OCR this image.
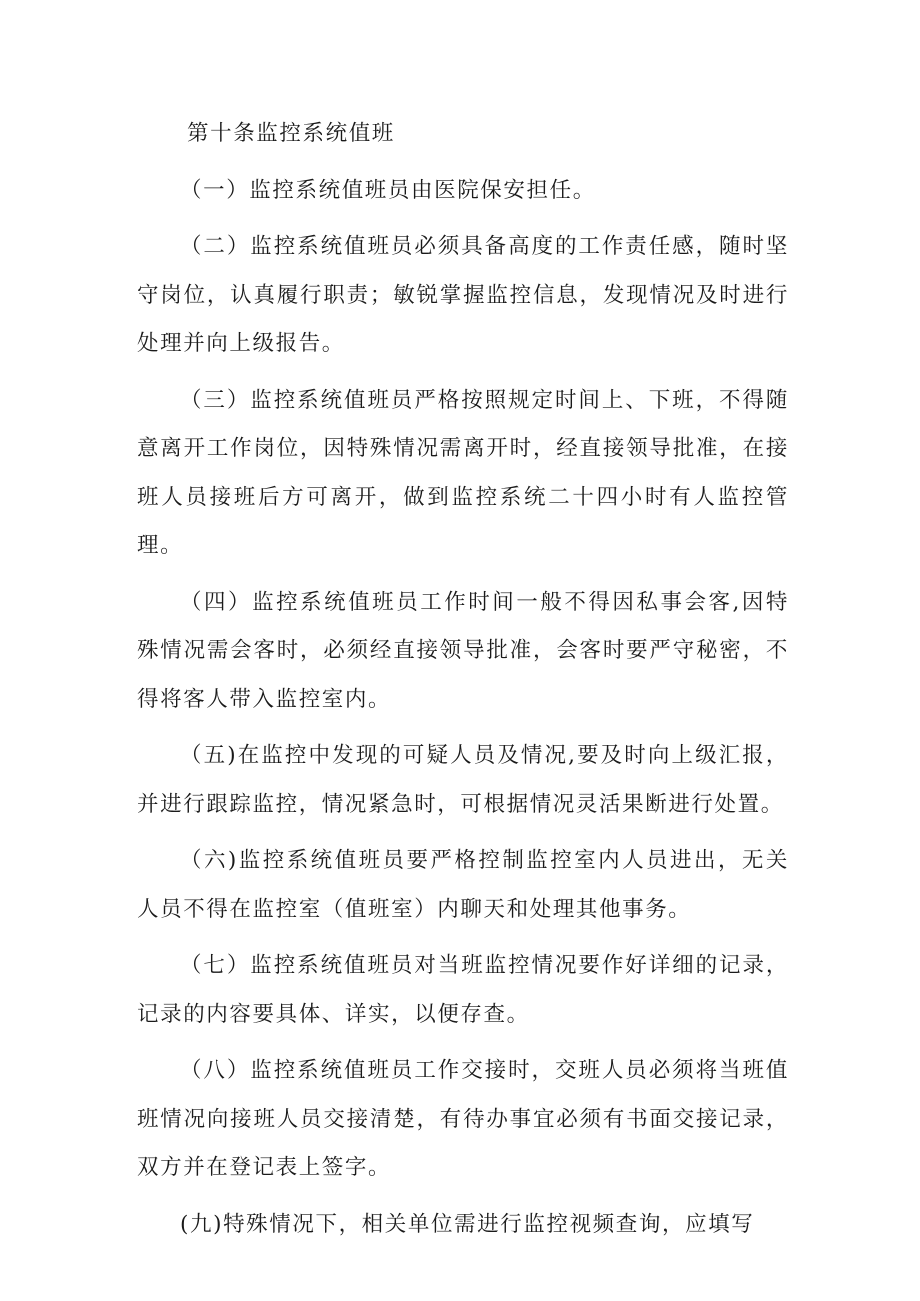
第十条监控系统值班

（一）监控系统值班员由医院保安担任。

（二）监控系统值班员必须具备高度的工作责任感，随时坚守岗位，认真履行职责；敏锐掌握监控信息，发现情况及时进行处理并向上级报告。

（三）监控系统值班员严格按照规定时间上、下班，不得随意离开工作岗位，因特殊情况需离开时，经直接领导批准，在接班人员接班后方可离开，做到监控系统二十四小时有人监控管理。

（四）监控系统值班员工作时间一般不得因私事会客,因特殊情况需会客时，必须经直接领导批准，会客时要严守秘密，不得将客人带入监控室内。

（五)在监控中发现的可疑人员及情况,要及时向上级汇报，并进行跟踪监控，情况紧急时，可根据情况灵活果断进行处置。

（六)监控系统值班员要严格控制监控室内人员进出，无关人员不得在监控室（值班室）内聊天和处理其他事务。

（七）监控系统值班员对当班监控情况要作好详细的记录，记录的内容要具体、详实，以便存查。

（八）监控系统值班员工作交接时，交班人员必须将当班值班情况向接班人员交接清楚，有待办事宜必须有书面交接记录，双方并在登记表上签字。

(九)特殊情况下，相关单位需进行监控视频查询，应填写
